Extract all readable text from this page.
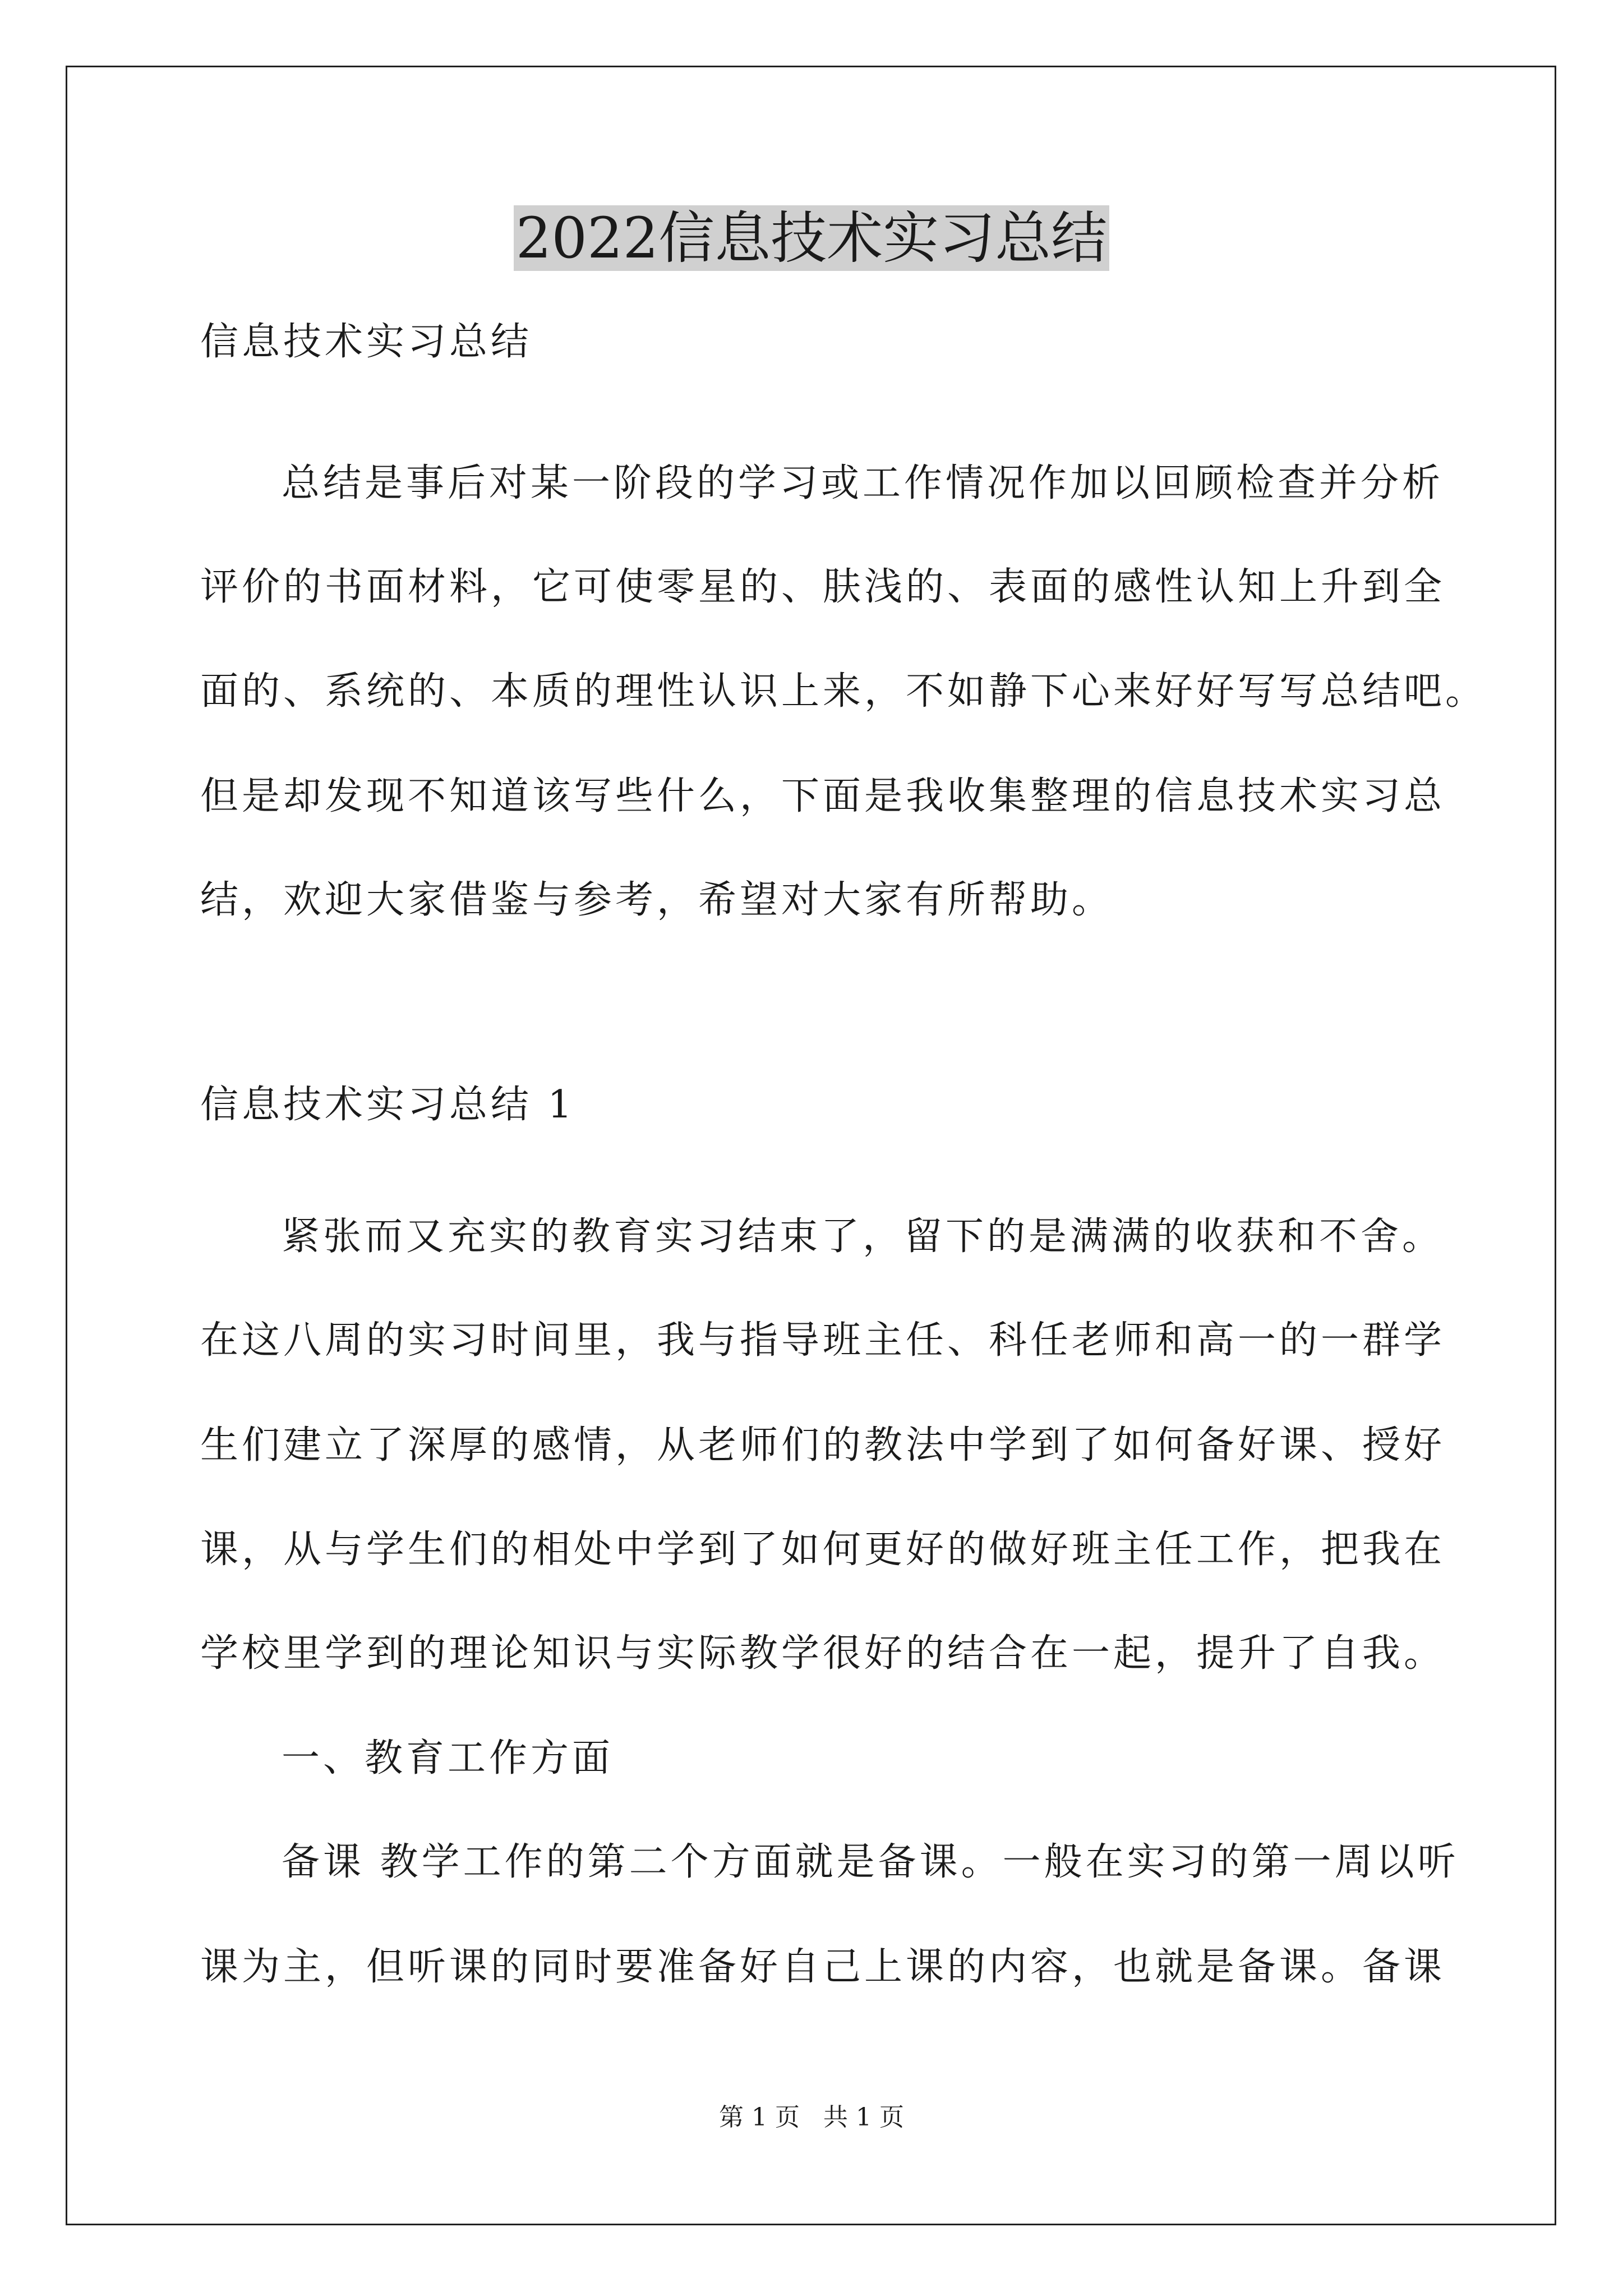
2022信息技术实习总结
信息技术实习总结
总结是事后对某一阶段的学习或工作情况作加以回顾检查并分析
评价的书面材料，它可使零星的、肤浅的、表面的感性认知上升到全
面的、系统的、本质的理性认识上来，不如静下心来好好写写总结吧。
但是却发现不知道该写些什么，下面是我收集整理的信息技术实习总
结，欢迎大家借鉴与参考，希望对大家有所帮助。
信息技术实习总结 1
紧张而又充实的教育实习结束了，留下的是满满的收获和不舍。
在这八周的实习时间里，我与指导班主任、科任老师和高一的一群学
生们建立了深厚的感情，从老师们的教法中学到了如何备好课、授好
课，从与学生们的相处中学到了如何更好的做好班主任工作，把我在
学校里学到的理论知识与实际教学很好的结合在一起，提升了自我。
一、教育工作方面
备课 教学工作的第二个方面就是备课。一般在实习的第一周以听
课为主，但听课的同时要准备好自己上课的内容，也就是备课。备课
第 1 页   共 1 页
